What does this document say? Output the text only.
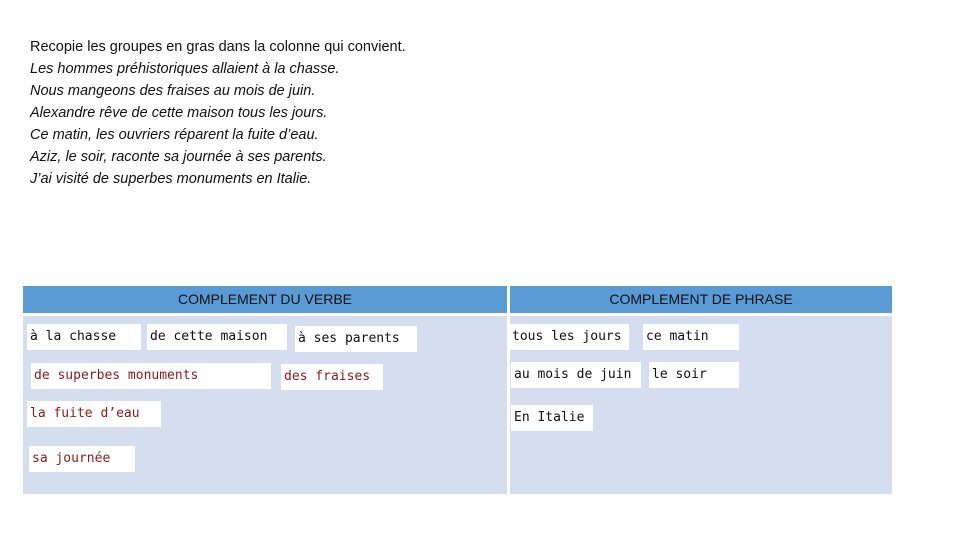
Recopie les groupes en gras dans la colonne qui convient.
Les hommes préhistoriques allaient à la chasse.
Nous mangeons des fraises au mois de juin.
Alexandre rêve de cette maison tous les jours.
Ce matin, les ouvriers réparent la fuite d’eau.
Aziz, le soir, raconte sa journée à ses parents.
J’ai visité de superbes monuments en Italie.
COMPLEMENT DU VERBE	COMPLEMENT DE PHRASE
à la chasse	de cette maison	à ses parents
de superbes monuments	des fraises
la fuite d’eau
sa journée
tous les jours	ce matin
au mois de juin	le soir
En Italie
